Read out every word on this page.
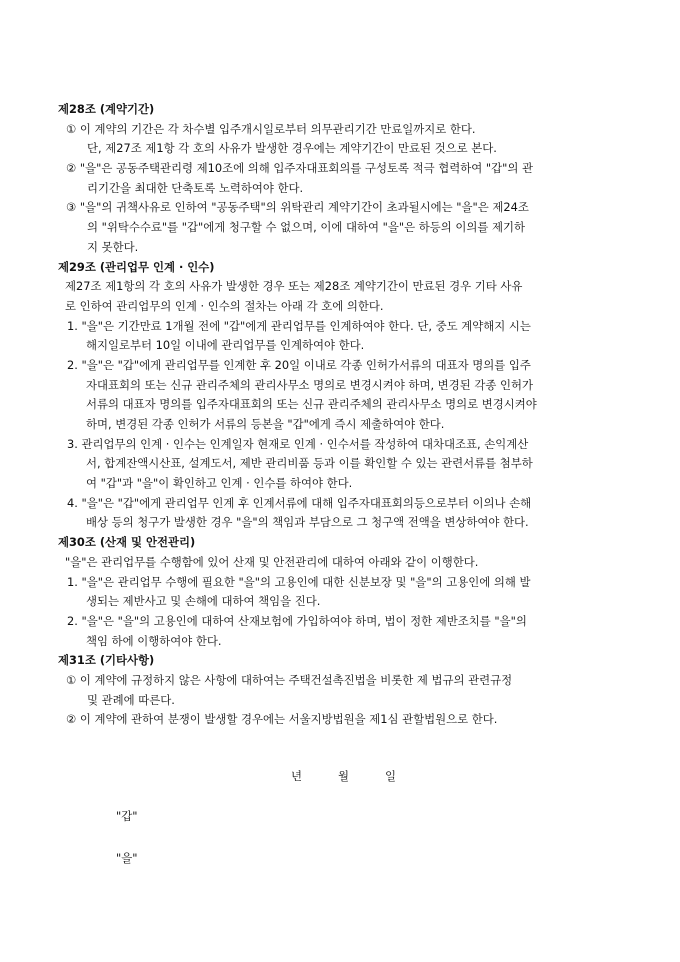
제28조 (계약기간)
① 이 계약의 기간은 각 차수별 입주개시일로부터 의무관리기간 만료일까지로 한다.
단, 제27조 제1항 각 호의 사유가 발생한 경우에는 계약기간이 만료된 것으로 본다.
② "을"은 공동주택관리령 제10조에 의해 입주자대표회의를 구성토록 적극 협력하여 "갑"의 관
리기간을 최대한 단축토록 노력하여야 한다.
③ "을"의 귀책사유로 인하여 "공동주택"의 위탁관리 계약기간이 초과될시에는 "을"은 제24조
의 "위탁수수료"를 "갑"에게 청구할 수 없으며, 이에 대하여 "을"은 하등의 이의를 제기하
지 못한다.
제29조 (관리업무 인계 · 인수)
제27조 제1항의 각 호의 사유가 발생한 경우 또는 제28조 계약기간이 만료된 경우 기타 사유
로 인하여 관리업무의 인계 · 인수의 절차는 아래 각 호에 의한다.
1. "을"은 기간만료 1개월 전에 "갑"에게 관리업무를 인계하여야 한다. 단, 중도 계약해지 시는
해지일로부터 10일 이내에 관리업무를 인계하여야 한다.
2. "을"은 "갑"에게 관리업무를 인계한 후 20일 이내로 각종 인허가서류의 대표자 명의를 입주
자대표회의 또는 신규 관리주체의 관리사무소 명의로 변경시켜야 하며, 변경된 각종 인허가
서류의 대표자 명의를 입주자대표회의 또는 신규 관리주체의 관리사무소 명의로 변경시켜야
하며, 변경된 각종 인허가 서류의 등본을 "갑"에게 즉시 제출하여야 한다.
3. 관리업무의 인계 · 인수는 인계일자 현재로 인계 · 인수서를 작성하여 대차대조표, 손익계산
서, 합계잔액시산표, 설계도서, 제반 관리비품 등과 이를 확인할 수 있는 관련서류를 첨부하
여 "갑"과 "을"이 확인하고 인계 · 인수를 하여야 한다.
4. "을"은 "갑"에게 관리업무 인계 후 인계서류에 대해 입주자대표회의등으로부터 이의나 손해
배상 등의 청구가 발생한 경우 "을"의 책임과 부담으로 그 청구액 전액을 변상하여야 한다.
제30조 (산재 및 안전관리)
"을"은 관리업무를 수행함에 있어 산재 및 안전관리에 대하여 아래와 같이 이행한다.
1. "을"은 관리업무 수행에 필요한 "을"의 고용인에 대한 신분보장 및 "을"의 고용인에 의해 발
생되는 제반사고 및 손해에 대하여 책임을 진다.
2. "을"은 "을"의 고용인에 대하여 산재보험에 가입하여야 하며, 법이 정한 제반조치를 "을"의
책임 하에 이행하여야 한다.
제31조 (기타사항)
① 이 계약에 규정하지 않은 사항에 대하여는 주택건설촉진법을 비롯한 제 법규의 관련규정
및 관례에 따른다.
② 이 계약에 관하여 분쟁이 발생할 경우에는 서울지방법원을 제1심 관할법원으로 한다.
년	월	일
"갑"
"을"
